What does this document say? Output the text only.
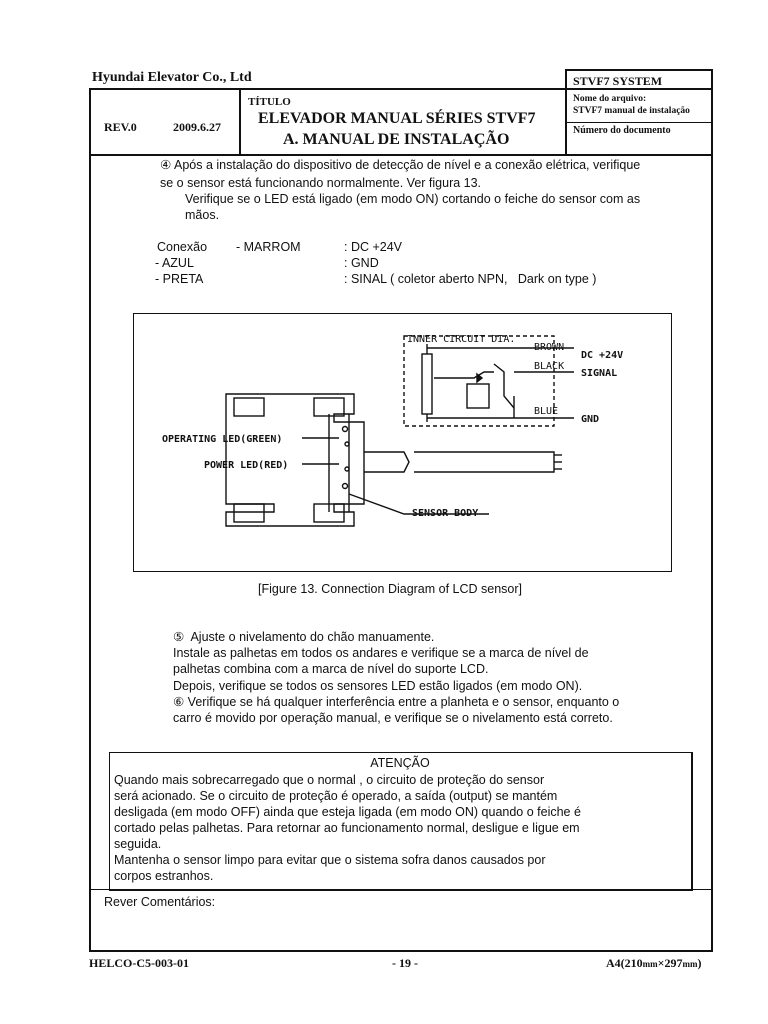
Hyundai Elevator Co., Ltd	STVF7 SYSTEM
REV.0	2009.6.27
TÍTULO
ELEVADOR MANUAL SÉRIES STVF7
A. MANUAL DE INSTALAÇÃO
Nome do arquivo:
STVF7 manual de instalação
Número do documento
④ Após a instalação do dispositivo de detecção de nível e a conexão elétrica, verifique
se o sensor está funcionando normalmente. Ver figura 13.
Verifique se o LED está ligado (em modo ON) cortando o feiche do sensor com as
mãos.
Conexão - MARROM	: DC +24V
- AZUL	: GND
- PRETA	: SINAL ( coletor aberto NPN,   Dark on type )
INNER CIRCUIT DIA.
BROWN
BLACK
BLUE
DC +24V
SIGNAL
GND
OPERATING LED(GREEN)
POWER LED(RED)
SENSOR BODY
[Figure 13. Connection Diagram of LCD sensor]
⑤  Ajuste o nivelamento do chão manuamente.
Instale as palhetas em todos os andares e verifique se a marca de nível de
palhetas combina com a marca de nível do suporte LCD.
Depois, verifique se todos os sensores LED estão ligados (em modo ON).
⑥ Verifique se há qualquer interferência entre a planheta e o sensor, enquanto o
carro é movido por operação manual, e verifique se o nivelamento está correto.
ATENÇÃO
Quando mais sobrecarregado que o normal , o circuito de proteção do sensor
será acionado. Se o circuito de proteção é operado, a saída (output) se mantém
desligada (em modo OFF) ainda que esteja ligada (em modo ON) quando o feiche é
cortado pelas palhetas. Para retornar ao funcionamento normal, desligue e ligue em
seguida.
Mantenha o sensor limpo para evitar que o sistema sofra danos causados por
corpos estranhos.
Rever Comentários:
HELCO-C5-003-01	- 19 -	A4(210mm×297mm)
